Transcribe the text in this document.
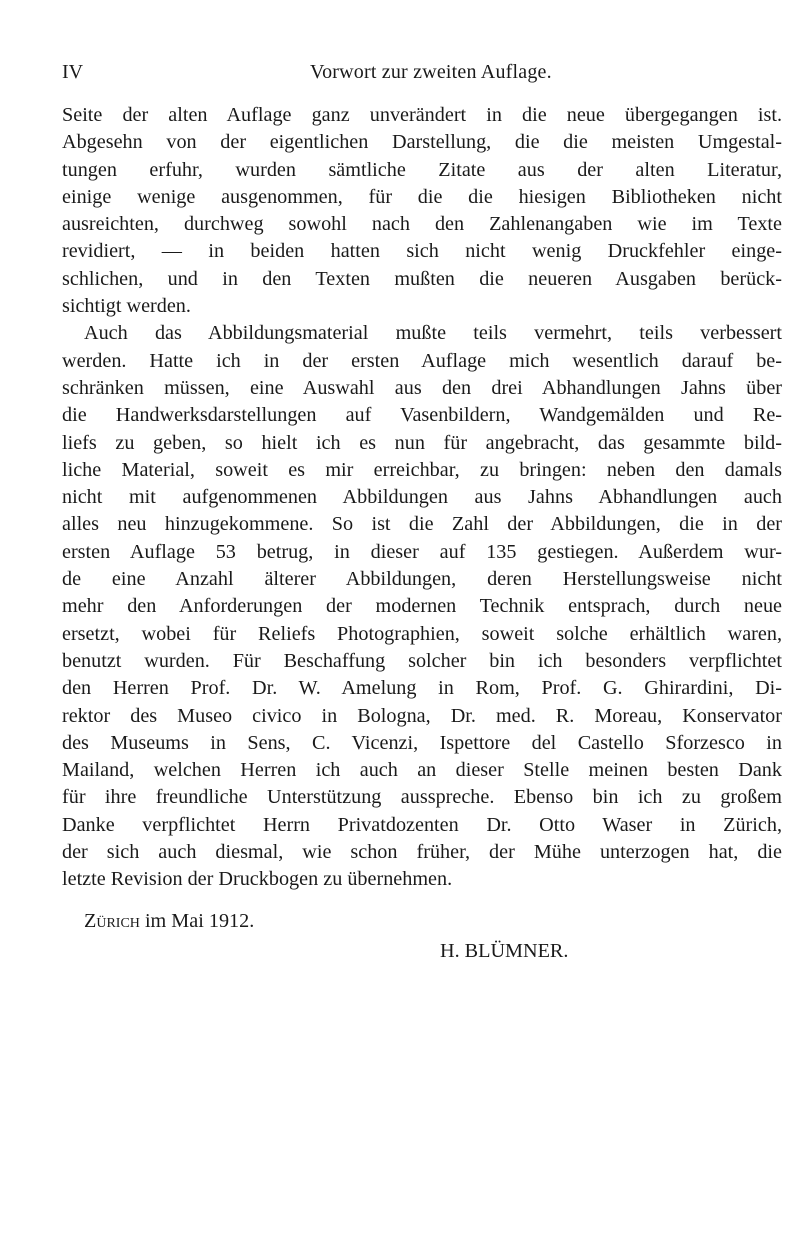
IV	Vorwort zur zweiten Auflage.
Seite der alten Auflage ganz unverändert in die neue übergegangen ist.
Abgesehn von der eigentlichen Darstellung, die die meisten Umgestal-
tungen erfuhr, wurden sämtliche Zitate aus der alten Literatur,
einige wenige ausgenommen, für die die hiesigen Bibliotheken nicht
ausreichten, durchweg sowohl nach den Zahlenangaben wie im Texte
revidiert, — in beiden hatten sich nicht wenig Druckfehler einge-
schlichen, und in den Texten mußten die neueren Ausgaben berück-
sichtigt werden.
Auch das Abbildungsmaterial mußte teils vermehrt, teils verbessert
werden. Hatte ich in der ersten Auflage mich wesentlich darauf be-
schränken müssen, eine Auswahl aus den drei Abhandlungen Jahns über
die Handwerksdarstellungen auf Vasenbildern, Wandgemälden und Re-
liefs zu geben, so hielt ich es nun für angebracht, das gesammte bild-
liche Material, soweit es mir erreichbar, zu bringen: neben den damals
nicht mit aufgenommenen Abbildungen aus Jahns Abhandlungen auch
alles neu hinzugekommene. So ist die Zahl der Abbildungen, die in der
ersten Auflage 53 betrug, in dieser auf 135 gestiegen. Außerdem wur-
de eine Anzahl älterer Abbildungen, deren Herstellungsweise nicht
mehr den Anforderungen der modernen Technik entsprach, durch neue
ersetzt, wobei für Reliefs Photographien, soweit solche erhältlich waren,
benutzt wurden. Für Beschaffung solcher bin ich besonders verpflichtet
den Herren Prof. Dr. W. Amelung in Rom, Prof. G. Ghirardini, Di-
rektor des Museo civico in Bologna, Dr. med. R. Moreau, Konservator
des Museums in Sens, C. Vicenzi, Ispettore del Castello Sforzesco in
Mailand, welchen Herren ich auch an dieser Stelle meinen besten Dank
für ihre freundliche Unterstützung ausspreche. Ebenso bin ich zu großem
Danke verpflichtet Herrn Privatdozenten Dr. Otto Waser in Zürich,
der sich auch diesmal, wie schon früher, der Mühe unterzogen hat, die
letzte Revision der Druckbogen zu übernehmen.
Zürich im Mai 1912.
H. BLÜMNER.
